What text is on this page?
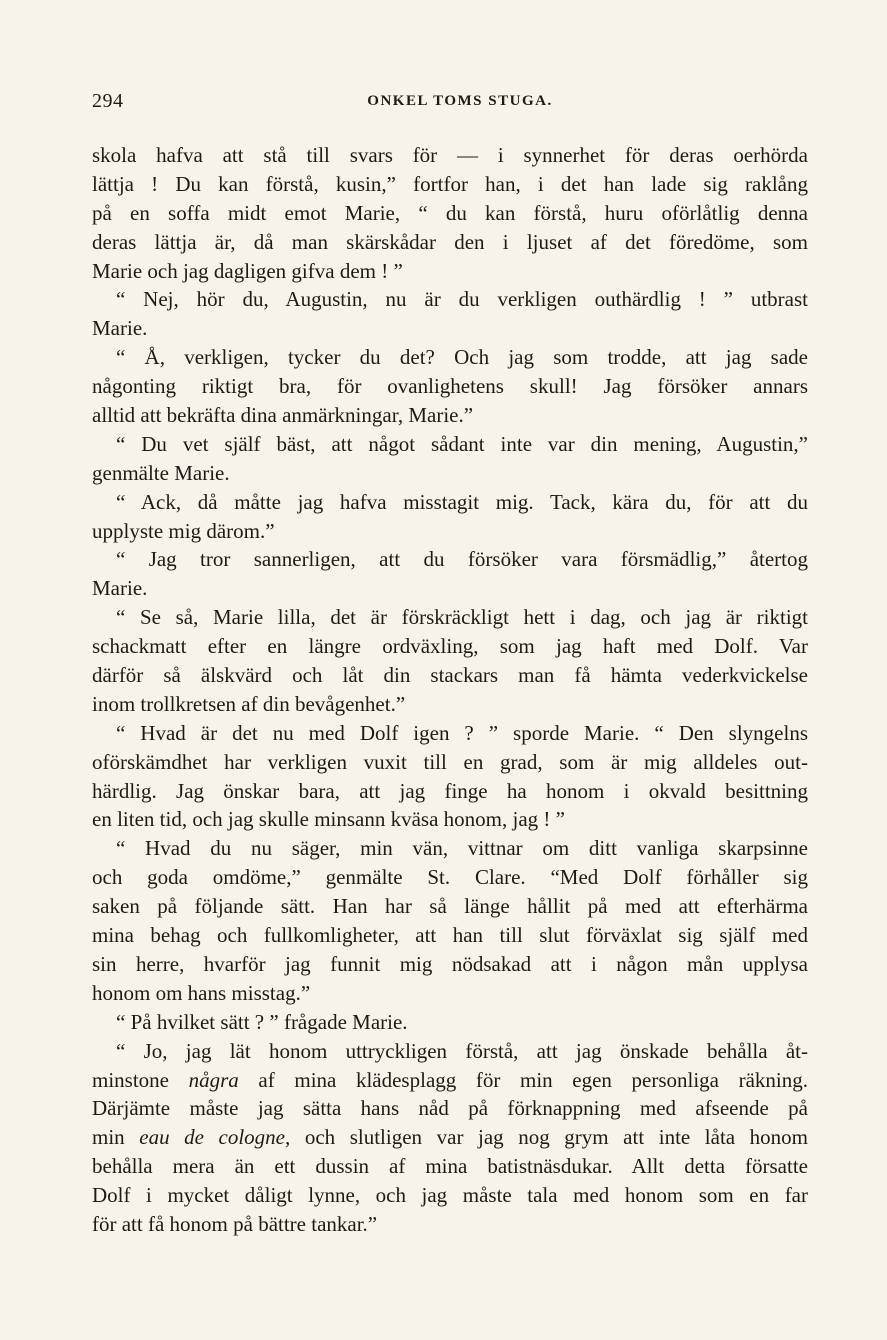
294	ONKEL TOMS STUGA.
skola hafva att stå till svars för — i synnerhet för deras oerhörda
lättja ! Du kan förstå, kusin,” fortfor han, i det han lade sig raklång
på en soffa midt emot Marie, “ du kan förstå, huru oförlåtlig denna
deras lättja är, då man skärskådar den i ljuset af det föredöme, som
Marie och jag dagligen gifva dem ! ”
“ Nej, hör du, Augustin, nu är du verkligen outhärdlig ! ” utbrast
Marie.
“ Å, verkligen, tycker du det? Och jag som trodde, att jag sade
någonting riktigt bra, för ovanlighetens skull! Jag försöker annars
alltid att bekräfta dina anmärkningar, Marie.”
“ Du vet själf bäst, att något sådant inte var din mening, Augustin,”
genmälte Marie.
“ Ack, då måtte jag hafva misstagit mig. Tack, kära du, för att du
upplyste mig därom.”
“ Jag tror sannerligen, att du försöker vara försmädlig,” återtog
Marie.
“ Se så, Marie lilla, det är förskräckligt hett i dag, och jag är riktigt
schackmatt efter en längre ordväxling, som jag haft med Dolf. Var
därför så älskvärd och låt din stackars man få hämta vederkvickelse
inom trollkretsen af din bevågenhet.”
“ Hvad är det nu med Dolf igen ? ” sporde Marie. “ Den slyngelns
oförskämdhet har verkligen vuxit till en grad, som är mig alldeles out-
härdlig. Jag önskar bara, att jag finge ha honom i okvald besittning
en liten tid, och jag skulle minsann kväsa honom, jag ! ”
“ Hvad du nu säger, min vän, vittnar om ditt vanliga skarpsinne
och goda omdöme,” genmälte St. Clare. “Med Dolf förhåller sig
saken på följande sätt. Han har så länge hållit på med att efterhärma
mina behag och fullkomligheter, att han till slut förväxlat sig själf med
sin herre, hvarför jag funnit mig nödsakad att i någon mån upplysa
honom om hans misstag.”
“ På hvilket sätt ? ” frågade Marie.
“ Jo, jag lät honom uttryckligen förstå, att jag önskade behålla åt-
minstone några af mina klädesplagg för min egen personliga räkning.
Därjämte måste jag sätta hans nåd på förknappning med afseende på
min eau de cologne, och slutligen var jag nog grym att inte låta honom
behålla mera än ett dussin af mina batistnäsdukar. Allt detta försatte
Dolf i mycket dåligt lynne, och jag måste tala med honom som en far
för att få honom på bättre tankar.”
